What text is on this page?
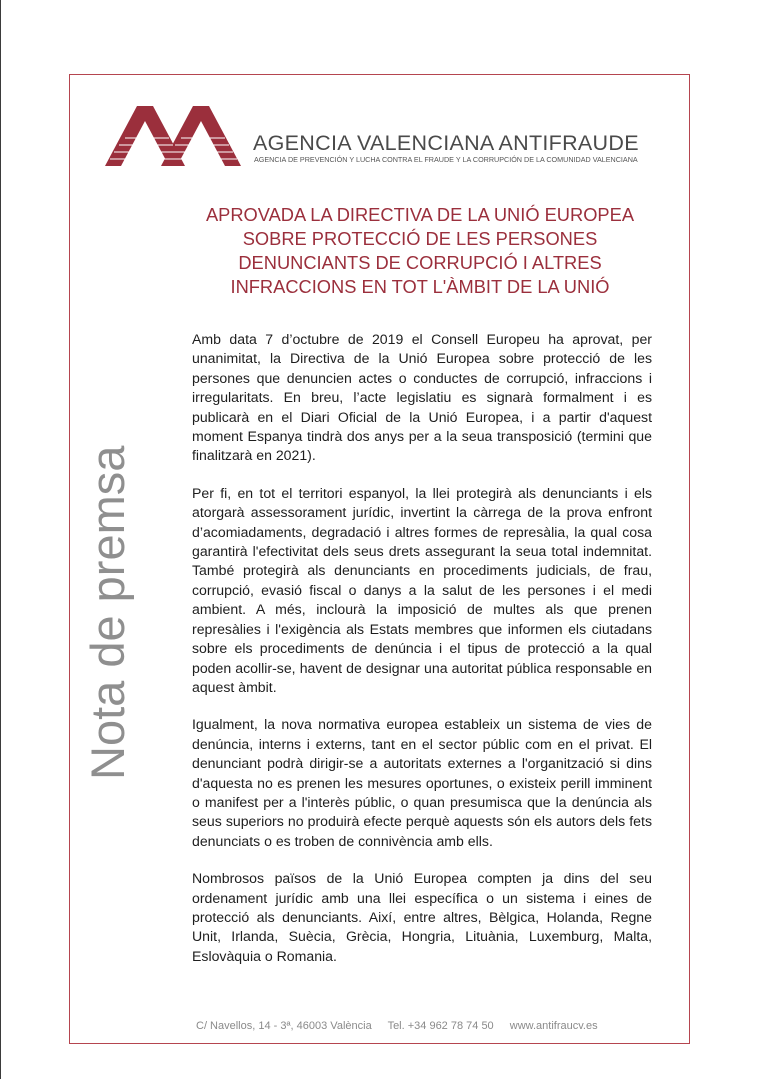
AGENCIA VALENCIANA ANTIFRAUDE
AGENCIA DE PREVENCIÓN Y LUCHA CONTRA EL FRAUDE Y LA CORRUPCIÓN DE LA COMUNIDAD VALENCIANA
APROVADA LA DIRECTIVA DE LA UNIÓ EUROPEA SOBRE PROTECCIÓ DE LES PERSONES DENUNCIANTS DE CORRUPCIÓ I ALTRES INFRACCIONS EN TOT L'ÀMBIT DE LA UNIÓ
Nota de premsa

Amb data 7 d’octubre de 2019 el Consell Europeu ha aprovat, per unanimitat, la Directiva de la Unió Europea sobre protecció de les persones que denuncien actes o conductes de corrupció, infraccions i irregularitats. En breu, l’acte legislatiu es signarà formalment i es publicarà en el Diari Oficial de la Unió Europea, i a partir d'aquest moment Espanya tindrà dos anys per a la seua transposició (termini que finalitzarà en 2021).

Per fi, en tot el territori espanyol, la llei protegirà als denunciants i els atorgarà assessorament jurídic, invertint la càrrega de la prova enfront d’acomiadaments, degradació i altres formes de represàlia, la qual cosa garantirà l'efectivitat dels seus drets assegurant la seua total indemnitat. També protegirà als denunciants en procediments judicials, de frau, corrupció, evasió fiscal o danys a la salut de les persones i el medi ambient. A més, inclourà la imposició de multes als que prenen represàlies i l'exigència als Estats membres que informen els ciutadans sobre els procediments de denúncia i el tipus de protecció a la qual poden acollir-se, havent de designar una autoritat pública responsable en aquest àmbit.

Igualment, la nova normativa europea estableix un sistema de vies de denúncia, interns i externs, tant en el sector públic com en el privat. El denunciant podrà dirigir-se a autoritats externes a l'organització si dins d'aquesta no es prenen les mesures oportunes, o existeix perill imminent o manifest per a l'interès públic, o quan presumisca que la denúncia als seus superiors no produirà efecte perquè aquests són els autors dels fets denunciats o es troben de connivència amb ells.

Nombrosos països de la Unió Europea compten ja dins del seu ordenament jurídic amb una llei específica o un sistema i eines de protecció als denunciants. Així, entre altres, Bèlgica, Holanda, Regne Unit, Irlanda, Suècia, Grècia, Hongria, Lituània, Luxemburg, Malta, Eslovàquia o Romania.

C/ Navellos, 14 - 3ª, 46003 València Tel. +34 962 78 74 50 www.antifraucv.es
